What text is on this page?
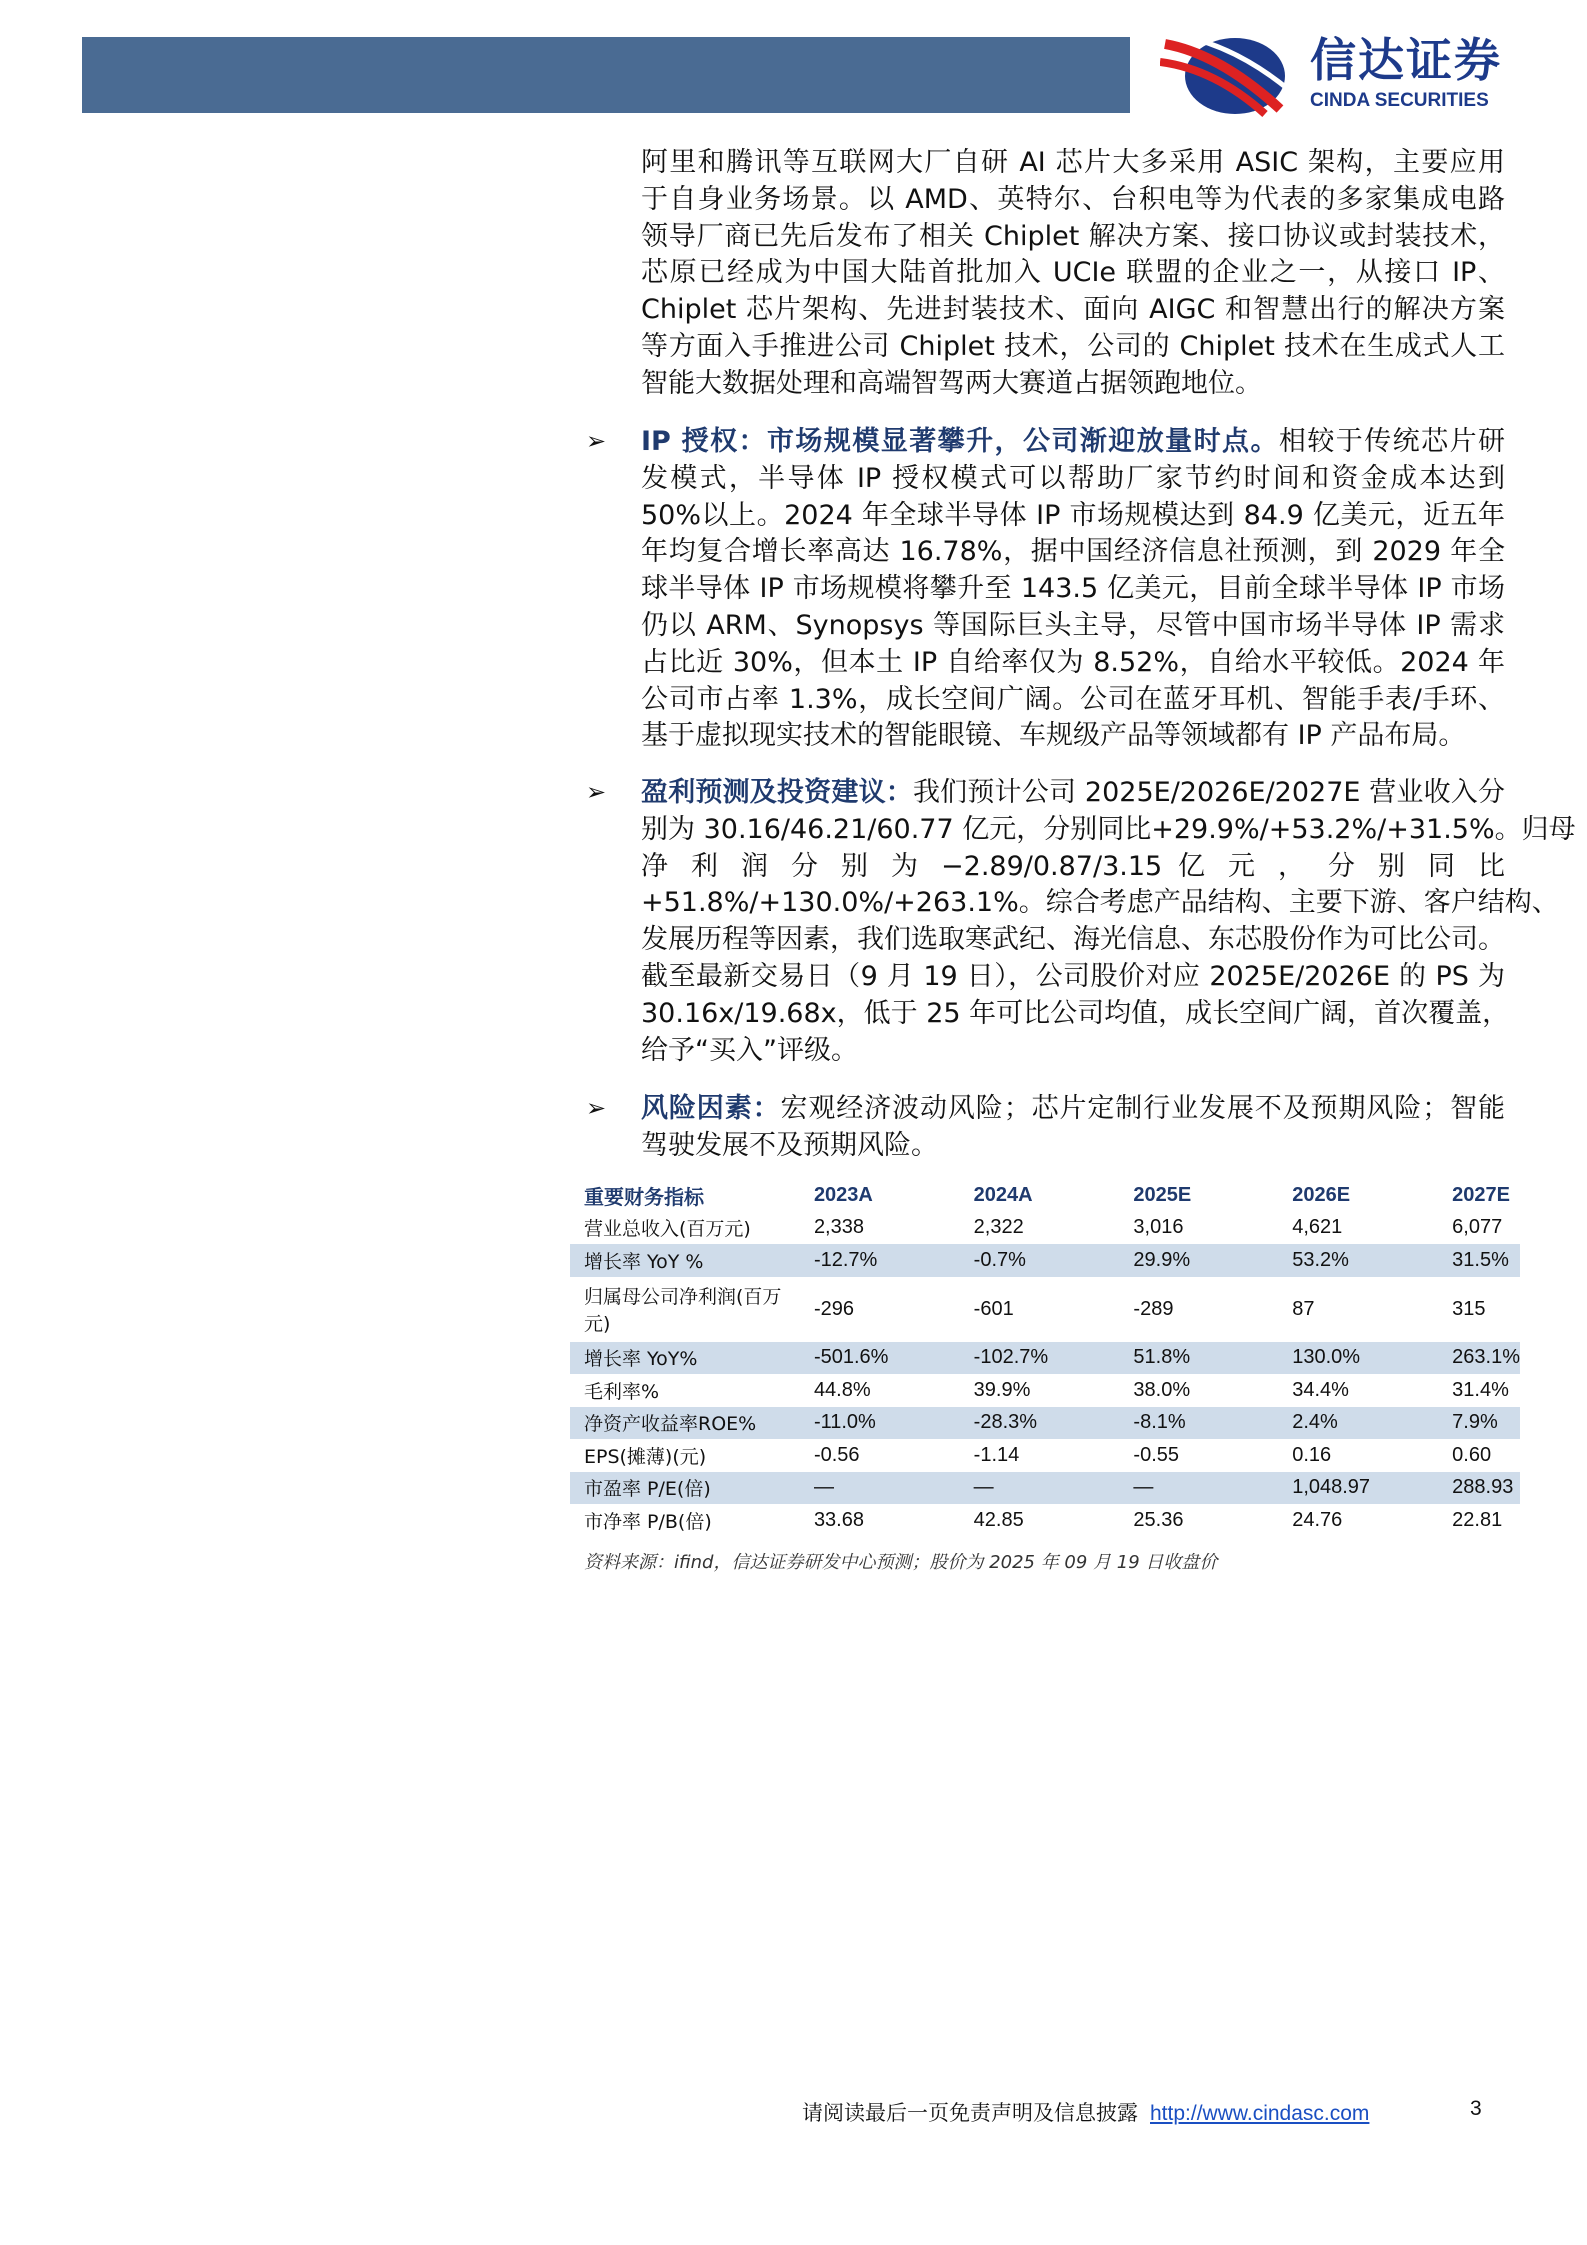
信达证券
CINDA SECURITIES
阿里和腾讯等互联网大厂自研 AI 芯片大多采用 ASIC 架构，主要应用
于自身业务场景。以 AMD、英特尔、台积电等为代表的多家集成电路
领导厂商已先后发布了相关 Chiplet 解决方案、接口协议或封装技术，
芯原已经成为中国大陆首批加入 UCIe 联盟的企业之一，从接口 IP、
Chiplet 芯片架构、先进封装技术、面向 AIGC 和智慧出行的解决方案
等方面入手推进公司 Chiplet 技术，公司的 Chiplet 技术在生成式人工
智能大数据处理和高端智驾两大赛道占据领跑地位。
➢ IP 授权：市场规模显著攀升，公司渐迎放量时点。相较于传统芯片研
发模式，半导体 IP 授权模式可以帮助厂家节约时间和资金成本达到
50%以上。2024 年全球半导体 IP 市场规模达到 84.9 亿美元，近五年
年均复合增长率高达 16.78%，据中国经济信息社预测，到 2029 年全
球半导体 IP 市场规模将攀升至 143.5 亿美元，目前全球半导体 IP 市场
仍以 ARM、Synopsys 等国际巨头主导，尽管中国市场半导体 IP 需求
占比近 30%，但本土 IP 自给率仅为 8.52%，自给水平较低。2024 年
公司市占率 1.3%，成长空间广阔。公司在蓝牙耳机、智能手表/手环、
基于虚拟现实技术的智能眼镜、车规级产品等领域都有 IP 产品布局。
➢ 盈利预测及投资建议：我们预计公司 2025E/2026E/2027E 营业收入分
别为 30.16/46.21/60.77 亿元，分别同比+29.9%/+53.2%/+31.5%。归母
净 利 润 分 别 为 −2.89/0.87/3.15 亿 元 ， 分 别 同 比
+51.8%/+130.0%/+263.1%。综合考虑产品结构、主要下游、客户结构、
发展历程等因素，我们选取寒武纪、海光信息、东芯股份作为可比公司。
截至最新交易日（9 月 19 日），公司股价对应 2025E/2026E 的 PS 为
30.16x/19.68x，低于 25 年可比公司均值，成长空间广阔，首次覆盖，
给予“买入”评级。
➢ 风险因素：宏观经济波动风险；芯片定制行业发展不及预期风险；智能
驾驶发展不及预期风险。
重要财务指标	2023A	2024A	2025E	2026E	2027E
营业总收入(百万元)	2,338	2,322	3,016	4,621	6,077
增长率 YoY %	-12.7%	-0.7%	29.9%	53.2%	31.5%
归属母公司净利润(百万元)	-296	-601	-289	87	315
增长率 YoY%	-501.6%	-102.7%	51.8%	130.0%	263.1%
毛利率%	44.8%	39.9%	38.0%	34.4%	31.4%
净资产收益率ROE%	-11.0%	-28.3%	-8.1%	2.4%	7.9%
EPS(摊薄)(元)	-0.56	-1.14	-0.55	0.16	0.60
市盈率 P/E(倍)	—	—	—	1,048.97	288.93
市净率 P/B(倍)	33.68	42.85	25.36	24.76	22.81
资料来源：ifind，信达证券研发中心预测；股价为 2025 年 09 月 19 日收盘价
请阅读最后一页免责声明及信息披露 http://www.cindasc.com	3
